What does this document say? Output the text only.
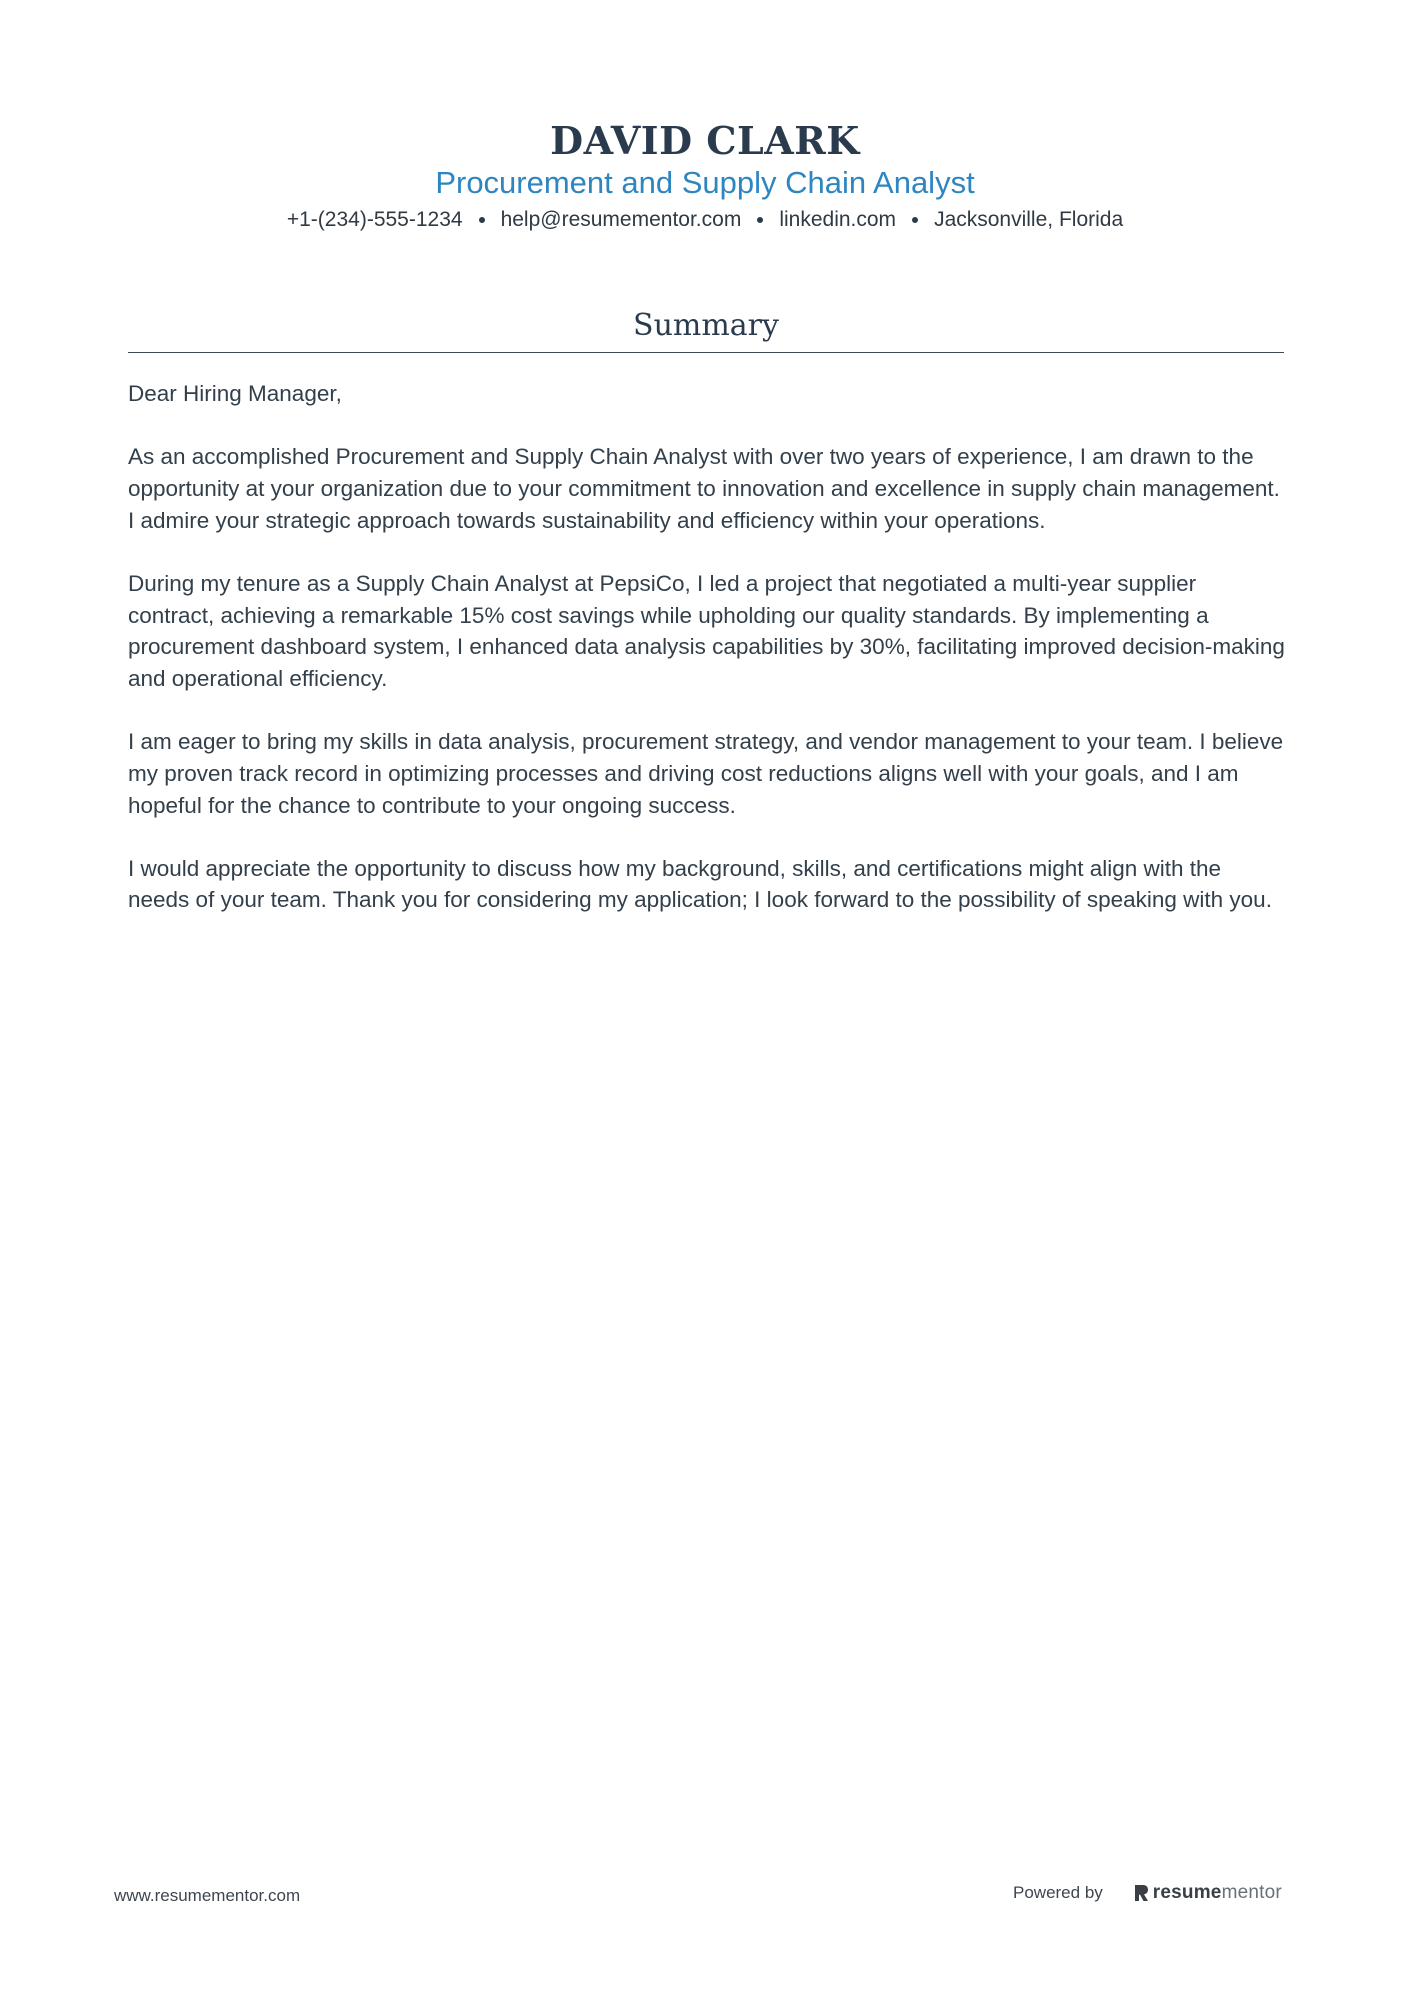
DAVID CLARK
Procurement and Supply Chain Analyst
+1-(234)-555-1234 help@resumementor.com linkedin.com Jacksonville, Florida
Summary

Dear Hiring Manager,

As an accomplished Procurement and Supply Chain Analyst with over two years of experience, I am drawn to the opportunity at your organization due to your commitment to innovation and excellence in supply chain management. I admire your strategic approach towards sustainability and efficiency within your operations.

During my tenure as a Supply Chain Analyst at PepsiCo, I led a project that negotiated a multi-year supplier contract, achieving a remarkable 15% cost savings while upholding our quality standards. By implementing a procurement dashboard system, I enhanced data analysis capabilities by 30%, facilitating improved decision-making and operational efficiency.

I am eager to bring my skills in data analysis, procurement strategy, and vendor management to your team. I believe my proven track record in optimizing processes and driving cost reductions aligns well with your goals, and I am hopeful for the chance to contribute to your ongoing success.

I would appreciate the opportunity to discuss how my background, skills, and certifications might align with the needs of your team. Thank you for considering my application; I look forward to the possibility of speaking with you.

www.resumementor.com	Powered by	resumementor
